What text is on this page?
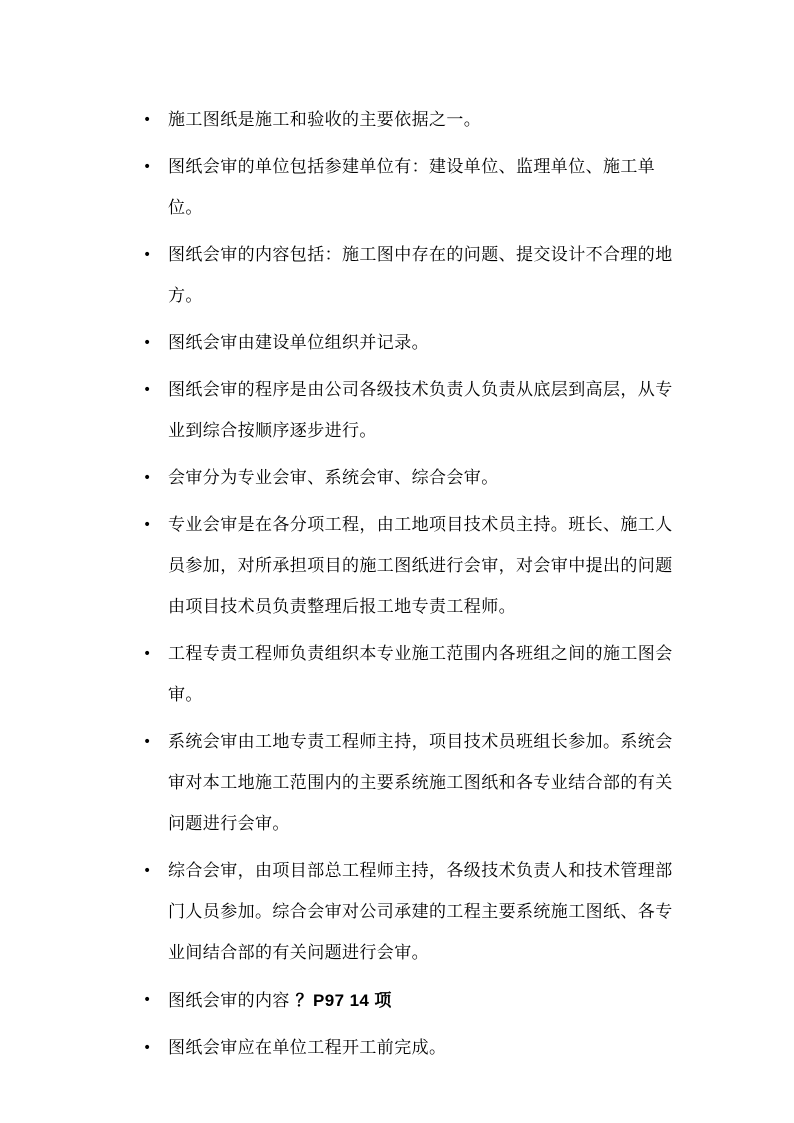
• 施工图纸是施工和验收的主要依据之一。
• 图纸会审的单位包括参建单位有：建设单位、监理单位、施工单位。
• 图纸会审的内容包括：施工图中存在的问题、提交设计不合理的地方。
• 图纸会审由建设单位组织并记录。
• 图纸会审的程序是由公司各级技术负责人负责从底层到高层，从专业到综合按顺序逐步进行。
• 会审分为专业会审、系统会审、综合会审。
• 专业会审是在各分项工程，由工地项目技术员主持。班长、施工人员参加，对所承担项目的施工图纸进行会审，对会审中提出的问题由项目技术员负责整理后报工地专责工程师。
• 工程专责工程师负责组织本专业施工范围内各班组之间的施工图会审。
• 系统会审由工地专责工程师主持，项目技术员班组长参加。系统会审对本工地施工范围内的主要系统施工图纸和各专业结合部的有关问题进行会审。
• 综合会审，由项目部总工程师主持，各级技术负责人和技术管理部门人员参加。综合会审对公司承建的工程主要系统施工图纸、各专业间结合部的有关问题进行会审。
• 图纸会审的内容 ？P97 14 项
• 图纸会审应在单位工程开工前完成。
